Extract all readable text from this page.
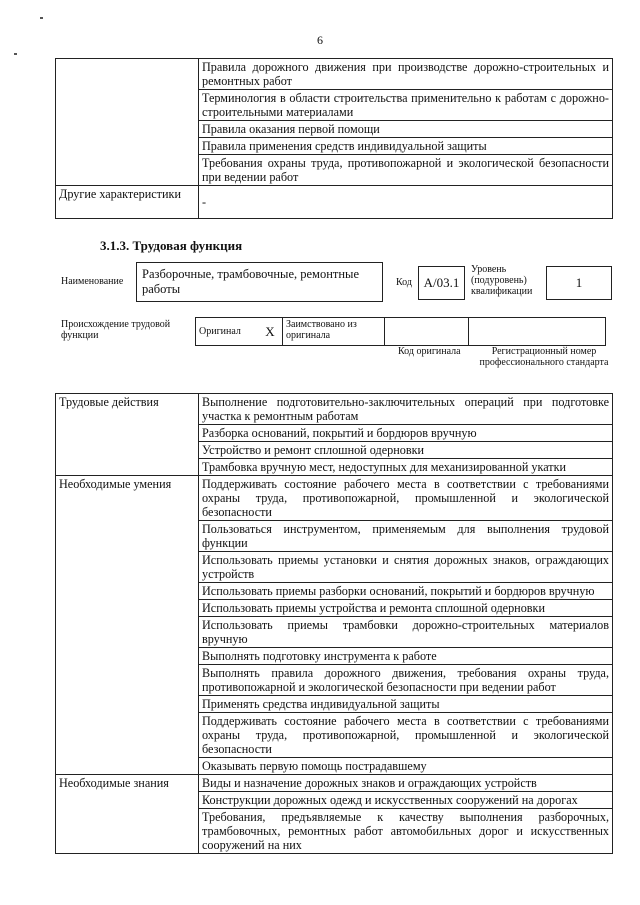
6
	Правила дорожного движения при производстве дорожно-строительных и ремонтных работ
	Терминология в области строительства применительно к работам с дорожно-строительными материалами
	Правила оказания первой помощи
	Правила применения средств индивидуальной защиты
	Требования охраны труда, противопожарной и экологической безопасности при ведении работ
Другие характеристики	-
3.1.3. Трудовая функция
Наименование
Разборочные, трамбовочные, ремонтные работы	Код А/03.1
Уровень (подуровень) квалификации
1
Происхождение трудовой функции	Оригинал	Х	Заимствовано из оригинала		
Код оригинала	Регистрационный номер профессионального стандарта
Трудовые действия	Выполнение подготовительно-заключительных операций при подготовке участка к ремонтным работам
	Разборка оснований, покрытий и бордюров вручную
	Устройство и ремонт сплошной одерновки
	Трамбовка вручную мест, недоступных для механизированной укатки
Необходимые умения	Поддерживать состояние рабочего места в соответствии с требованиями охраны труда, противопожарной, промышленной и экологической безопасности
	Пользоваться инструментом, применяемым для выполнения трудовой функции
	Использовать приемы установки и снятия дорожных знаков, ограждающих устройств
	Использовать приемы разборки оснований, покрытий и бордюров вручную
	Использовать приемы устройства и ремонта сплошной одерновки
	Использовать приемы трамбовки дорожно-строительных материалов вручную
	Выполнять подготовку инструмента к работе
	Выполнять правила дорожного движения, требования охраны труда, противопожарной и экологической безопасности при ведении работ
	Применять средства индивидуальной защиты
	Поддерживать состояние рабочего места в соответствии с требованиями охраны труда, противопожарной, промышленной и экологической безопасности
	Оказывать первую помощь пострадавшему
Необходимые знания	Виды и назначение дорожных знаков и ограждающих устройств
	Конструкции дорожных одежд и искусственных сооружений на дорогах
	Требования, предъявляемые к качеству выполнения разборочных, трамбовочных, ремонтных работ автомобильных дорог и искусственных сооружений на них
